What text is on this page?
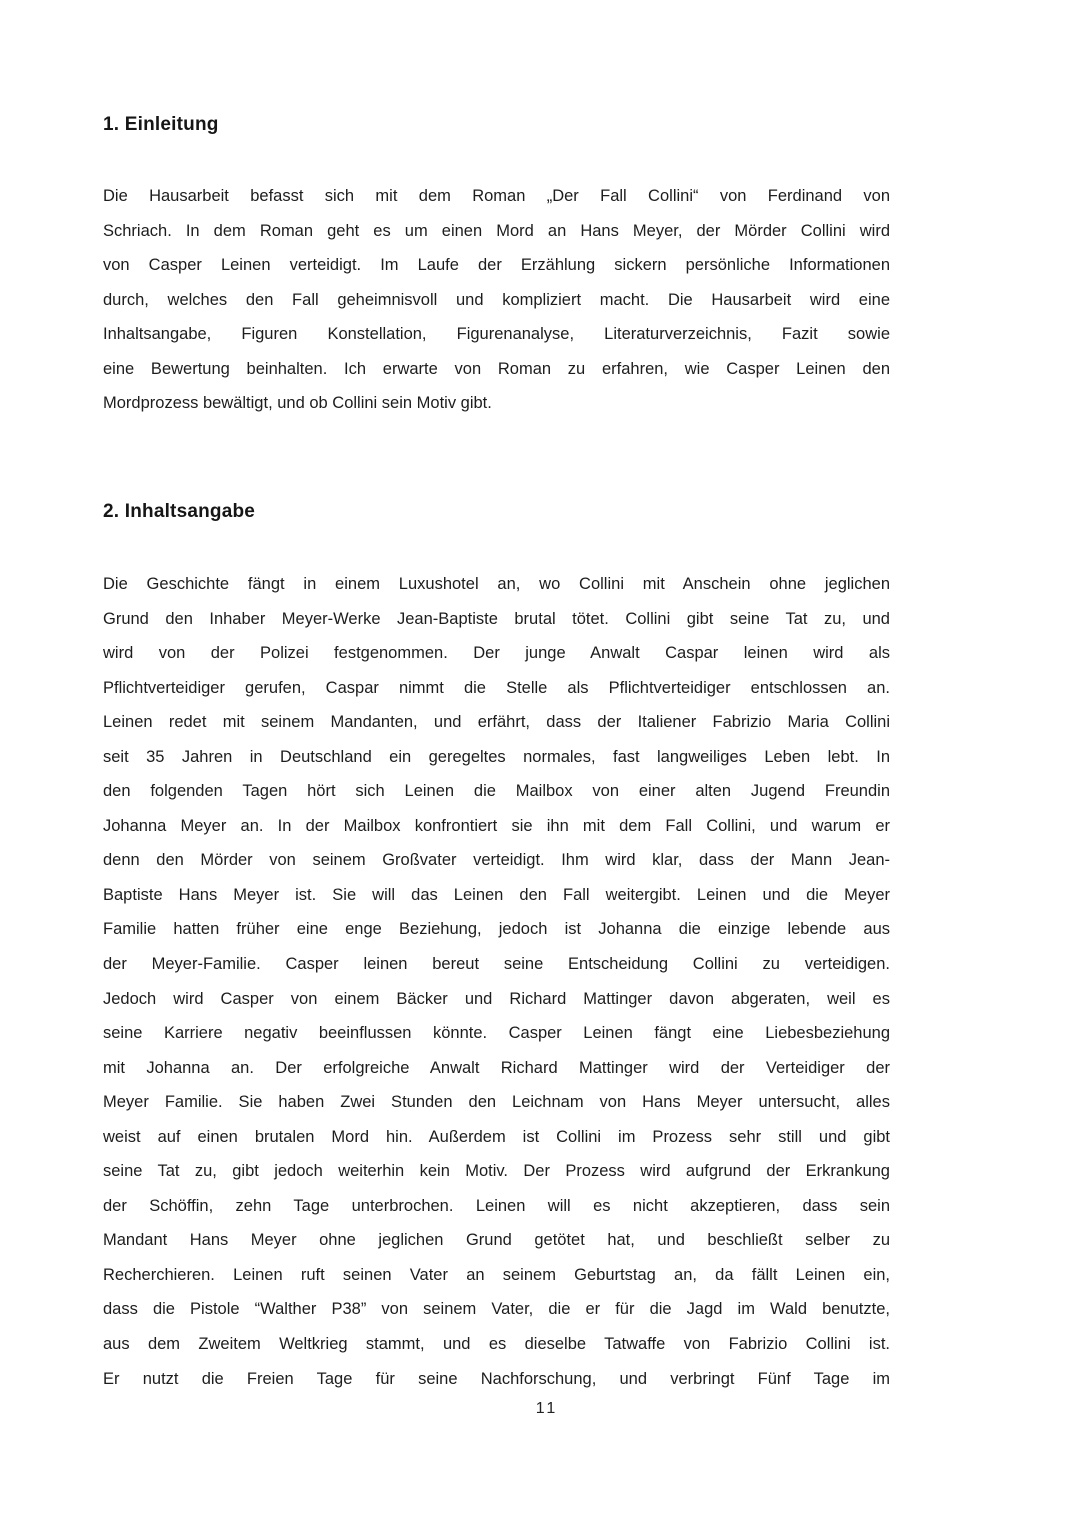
1. Einleitung
Die Hausarbeit befasst sich mit dem Roman „Der Fall Collini“ von Ferdinand von
Schriach. In dem Roman geht es um einen Mord an Hans Meyer, der Mörder Collini wird
von Casper Leinen verteidigt. Im Laufe der Erzählung sickern persönliche Informationen
durch, welches den Fall geheimnisvoll und kompliziert macht. Die Hausarbeit wird eine
Inhaltsangabe, Figuren Konstellation, Figurenanalyse, Literaturverzeichnis, Fazit sowie
eine Bewertung beinhalten. Ich erwarte von Roman zu erfahren, wie Casper Leinen den
Mordprozess bewältigt, und ob Collini sein Motiv gibt.
2. Inhaltsangabe
Die Geschichte fängt in einem Luxushotel an, wo Collini mit Anschein ohne jeglichen
Grund den Inhaber Meyer-Werke Jean-Baptiste brutal tötet. Collini gibt seine Tat zu, und
wird von der Polizei festgenommen. Der junge Anwalt Caspar leinen wird als
Pflichtverteidiger gerufen, Caspar nimmt die Stelle als Pflichtverteidiger entschlossen an.
Leinen redet mit seinem Mandanten, und erfährt, dass der Italiener Fabrizio Maria Collini
seit 35 Jahren in Deutschland ein geregeltes normales, fast langweiliges Leben lebt. In
den folgenden Tagen hört sich Leinen die Mailbox von einer alten Jugend Freundin
Johanna Meyer an. In der Mailbox konfrontiert sie ihn mit dem Fall Collini, und warum er
denn den Mörder von seinem Großvater verteidigt. Ihm wird klar, dass der Mann Jean-
Baptiste Hans Meyer ist. Sie will das Leinen den Fall weitergibt. Leinen und die Meyer
Familie hatten früher eine enge Beziehung, jedoch ist Johanna die einzige lebende aus
der Meyer-Familie. Casper leinen bereut seine Entscheidung Collini zu verteidigen.
Jedoch wird Casper von einem Bäcker und Richard Mattinger davon abgeraten, weil es
seine Karriere negativ beeinflussen könnte. Casper Leinen fängt eine Liebesbeziehung
mit Johanna an. Der erfolgreiche Anwalt Richard Mattinger wird der Verteidiger der
Meyer Familie. Sie haben Zwei Stunden den Leichnam von Hans Meyer untersucht, alles
weist auf einen brutalen Mord hin. Außerdem ist Collini im Prozess sehr still und gibt
seine Tat zu, gibt jedoch weiterhin kein Motiv. Der Prozess wird aufgrund der Erkrankung
der Schöffin, zehn Tage unterbrochen. Leinen will es nicht akzeptieren, dass sein
Mandant Hans Meyer ohne jeglichen Grund getötet hat, und beschließt selber zu
Recherchieren. Leinen ruft seinen Vater an seinem Geburtstag an, da fällt Leinen ein,
dass die Pistole “Walther P38” von seinem Vater, die er für die Jagd im Wald benutzte,
aus dem Zweitem Weltkrieg stammt, und es dieselbe Tatwaffe von Fabrizio Collini ist.
Er nutzt die Freien Tage für seine Nachforschung, und verbringt Fünf Tage im
11
